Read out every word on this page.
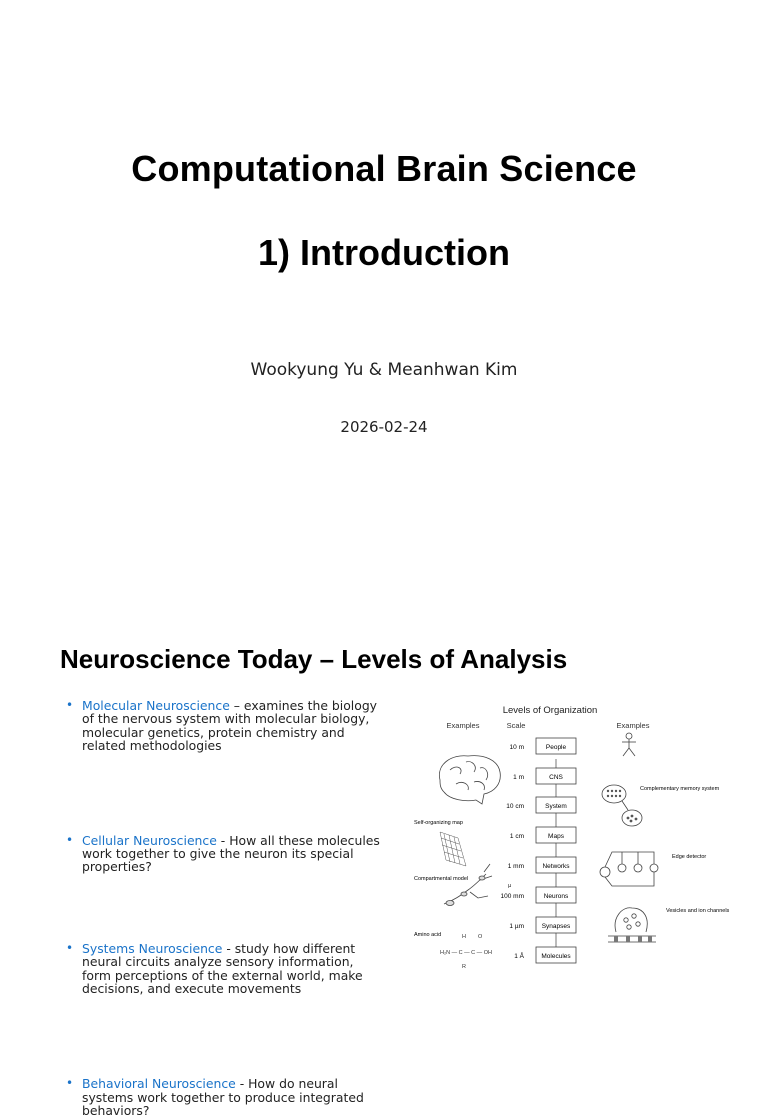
Computational Brain Science
1) Introduction
Wookyung Yu & Meanhwan Kim
2026-02-24
Neuroscience Today – Levels of Analysis
• Molecular Neuroscience – examines the biology of the nervous system with molecular biology, molecular genetics, protein chemistry and related methodologies
• Cellular Neuroscience - How all these molecules work together to give the neuron its special properties?
• Systems Neuroscience - study how different neural circuits analyze sensory information, form perceptions of the external world, make decisions, and execute movements
• Behavioral Neuroscience - How do neural systems work together to produce integrated behaviors?
Levels of Organization
Examples	Scale	Examples
People
10 m
CNS
1 m
System
10 cm
Maps
1 cm
Networks
1 mm
Neurons
100 mm
µ
Synapses
1 µm
Molecules
1 Å
Self-organizing map
Compartmental model
Amino acid	H O
H₂N — C — C — OH
R
Complementary memory system
Edge detector
Vesicles and ion channels
